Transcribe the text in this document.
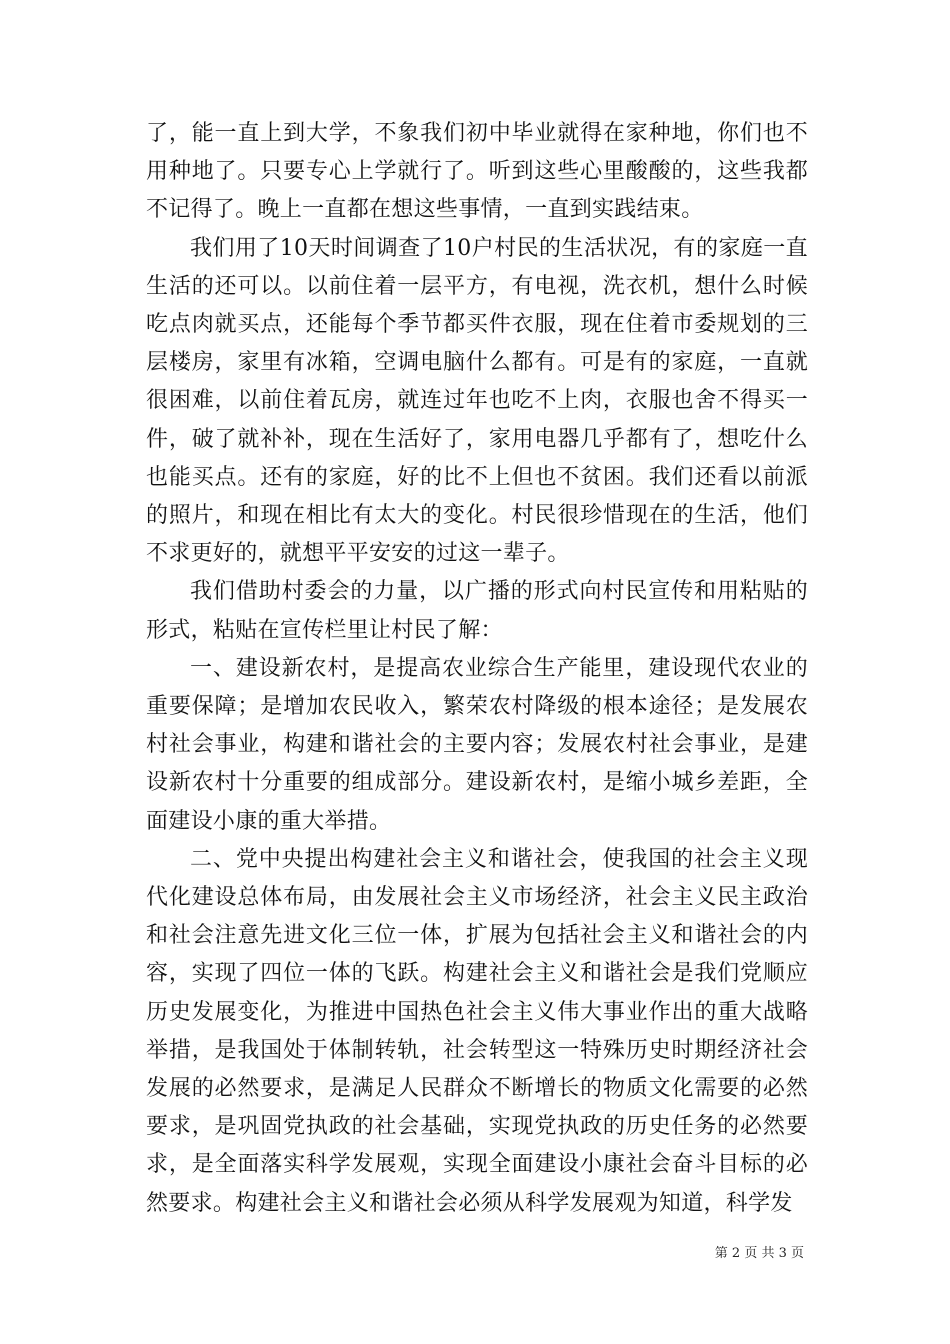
了，能一直上到大学，不象我们初中毕业就得在家种地，你们也不用种地了。只要专心上学就行了。听到这些心里酸酸的，这些我都不记得了。晚上一直都在想这些事情，一直到实践结束。

我们用了10天时间调查了10户村民的生活状况，有的家庭一直生活的还可以。以前住着一层平方，有电视，洗衣机，想什么时候吃点肉就买点，还能每个季节都买件衣服，现在住着市委规划的三层楼房，家里有冰箱，空调电脑什么都有。可是有的家庭，一直就很困难，以前住着瓦房，就连过年也吃不上肉，衣服也舍不得买一件，破了就补补，现在生活好了，家用电器几乎都有了，想吃什么也能买点。还有的家庭，好的比不上但也不贫困。我们还看以前派的照片，和现在相比有太大的变化。村民很珍惜现在的生活，他们不求更好的，就想平平安安的过这一辈子。

我们借助村委会的力量，以广播的形式向村民宣传和用粘贴的形式，粘贴在宣传栏里让村民了解：

一、建设新农村，是提高农业综合生产能里，建设现代农业的重要保障；是增加农民收入，繁荣农村降级的根本途径；是发展农村社会事业，构建和谐社会的主要内容；发展农村社会事业，是建设新农村十分重要的组成部分。建设新农村，是缩小城乡差距，全面建设小康的重大举措。

二、党中央提出构建社会主义和谐社会，使我国的社会主义现代化建设总体布局，由发展社会主义市场经济，社会主义民主政治和社会注意先进文化三位一体，扩展为包括社会主义和谐社会的内容，实现了四位一体的飞跃。构建社会主义和谐社会是我们党顺应历史发展变化，为推进中国热色社会主义伟大事业作出的重大战略举措，是我国处于体制转轨，社会转型这一特殊历史时期经济社会发展的必然要求，是满足人民群众不断增长的物质文化需要的必然要求，是巩固党执政的社会基础，实现党执政的历史任务的必然要求，是全面落实科学发展观，实现全面建设小康社会奋斗目标的必然要求。构建社会主义和谐社会必须从科学发展观为知道，科学发

第 2 页 共 3 页
